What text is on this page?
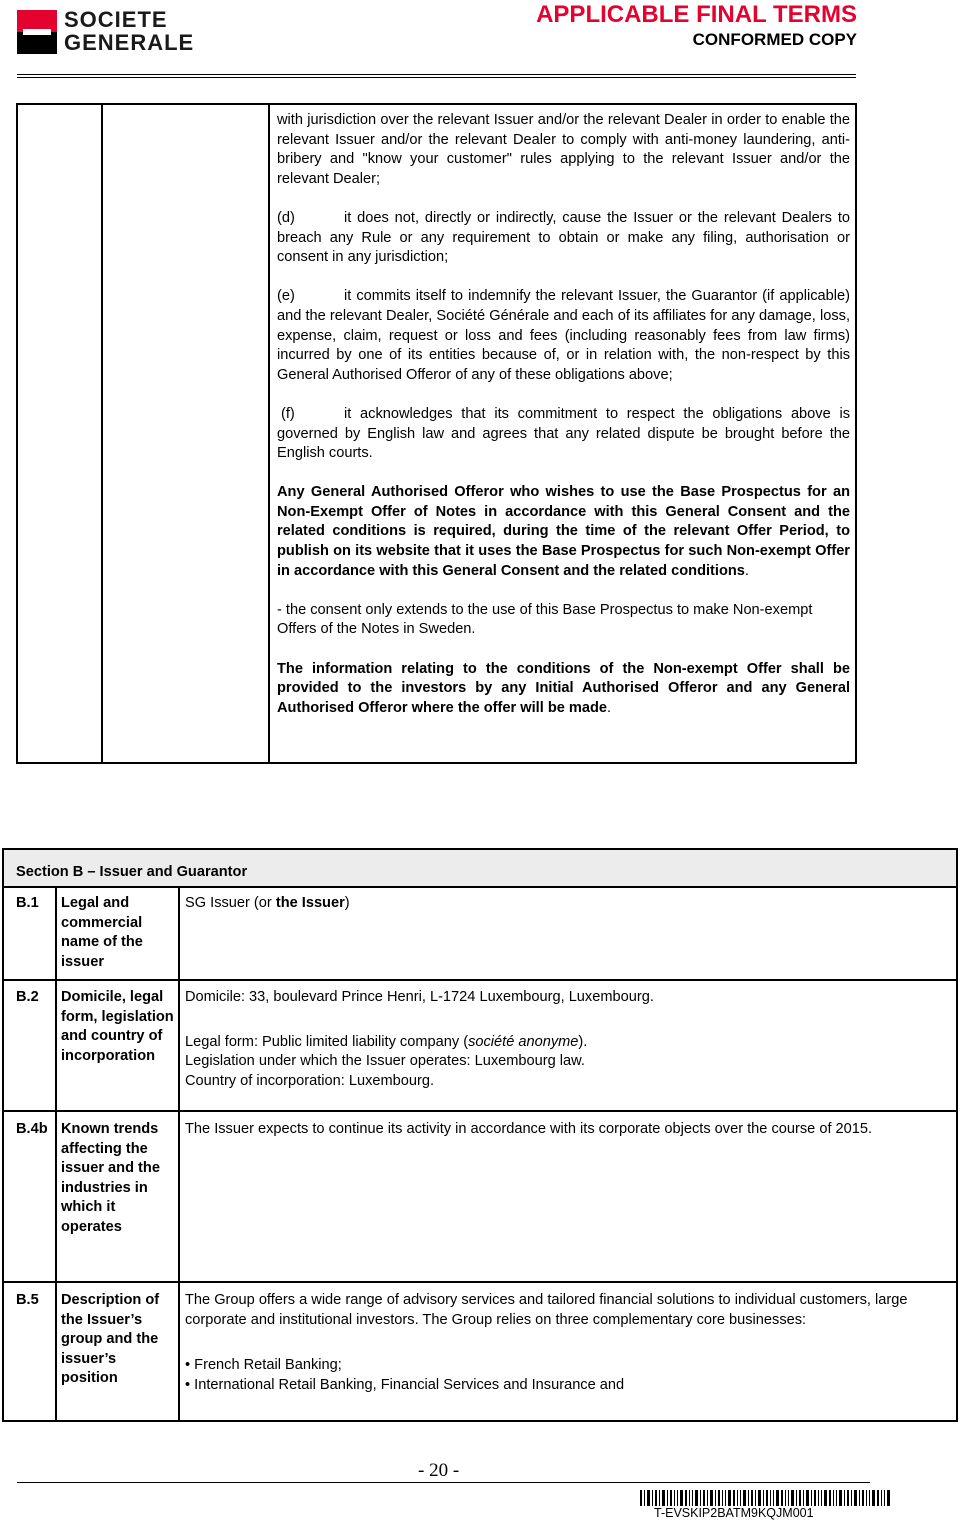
SOCIETE
GENERALE
APPLICABLE FINAL TERMS
CONFORMED COPY

with jurisdiction over the relevant Issuer and/or the relevant Dealer in order to enable the relevant Issuer and/or the relevant Dealer to comply with anti-money laundering, anti-bribery and "know your customer" rules applying to the relevant Issuer and/or the relevant Dealer;

(d)	it does not, directly or indirectly, cause the Issuer or the relevant Dealers to breach any Rule or any requirement to obtain or make any filing, authorisation or consent in any jurisdiction;

(e)	it commits itself to indemnify the relevant Issuer, the Guarantor (if applicable) and the relevant Dealer, Société Générale and each of its affiliates for any damage, loss, expense, claim, request or loss and fees (including reasonably fees from law firms) incurred by one of its entities because of, or in relation with, the non-respect by this General Authorised Offeror of any of these obligations above;

(f)	it acknowledges that its commitment to respect the obligations above is governed by English law and agrees that any related dispute be brought before the English courts.

Any General Authorised Offeror who wishes to use the Base Prospectus for an Non-Exempt Offer of Notes in accordance with this General Consent and the related conditions is required, during the time of the relevant Offer Period, to publish on its website that it uses the Base Prospectus for such Non-exempt Offer in accordance with this General Consent and the related conditions.

- the consent only extends to the use of this Base Prospectus to make Non-exempt Offers of the Notes in Sweden.

The information relating to the conditions of the Non-exempt Offer shall be provided to the investors by any Initial Authorised Offeror and any General Authorised Offeror where the offer will be made.

Section B – Issuer and Guarantor
B.1 Legal and commercial name of the issuer
SG Issuer (or the Issuer)
B.2 Domicile, legal form, legislation and country of incorporation

Domicile: 33, boulevard Prince Henri, L-1724 Luxembourg, Luxembourg.

Legal form: Public limited liability company (société anonyme).

Legislation under which the Issuer operates: Luxembourg law.

Country of incorporation: Luxembourg.

B.4b Known trends affecting the issuer and the industries in which it operates
The Issuer expects to continue its activity in accordance with its corporate objects over the course of 2015.
B.5 Description of the Issuer’s group and the issuer’s position

The Group offers a wide range of advisory services and tailored financial solutions to individual customers, large corporate and institutional investors. The Group relies on three complementary core businesses:

• French Retail Banking;

• International Retail Banking, Financial Services and Insurance and

- 20 -
T-EVSKIP2BATM9KQJM001
